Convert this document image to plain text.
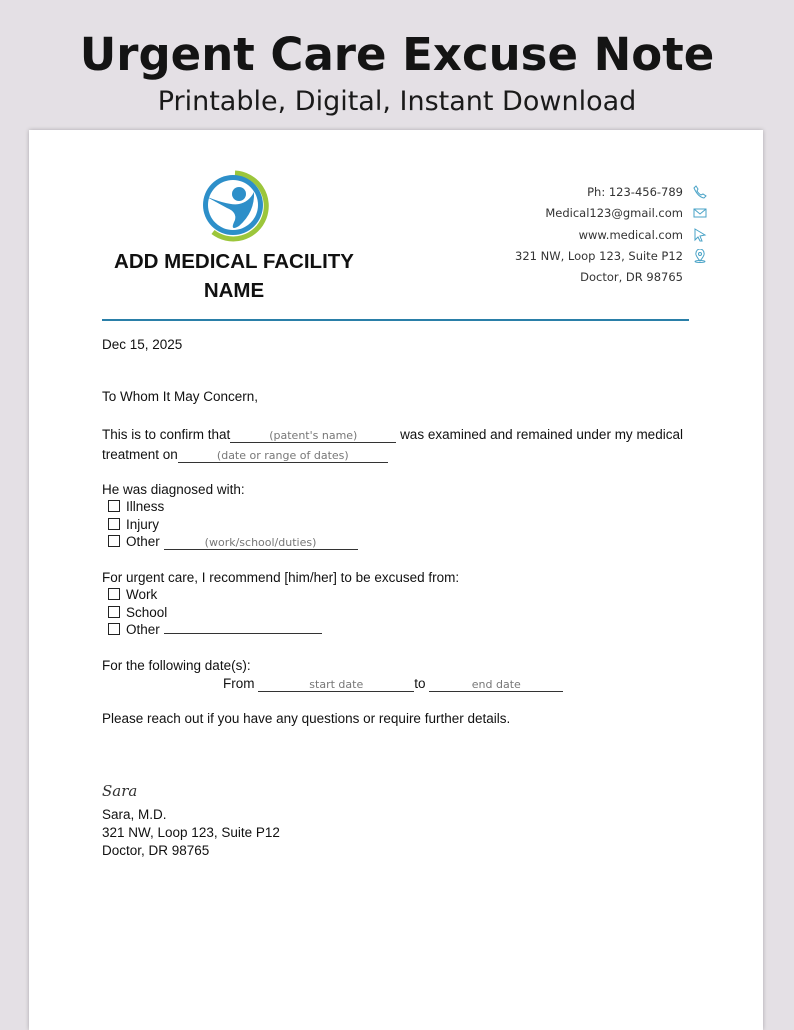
Urgent Care Excuse Note
Printable, Digital, Instant Download
ADD MEDICAL FACILITY
NAME
Ph: 123-456-789
Medical123@gmail.com
www.medical.com
321 NW, Loop 123, Suite P12
Doctor, DR 98765
Dec 15, 2025
To Whom It May Concern,
This is to confirm that	(patent's name)	was examined and remained under my medical
treatment on	(date or range of dates)
He was diagnosed with:
Illness
Injury
Other	(work/school/duties)
For urgent care, I recommend [him/her] to be excused from:
Work
School
Other
For the following date(s):
From	start date	to	end date
Please reach out if you have any questions or require further details.
Sara
Sara, M.D.
321 NW, Loop 123, Suite P12
Doctor, DR 98765
